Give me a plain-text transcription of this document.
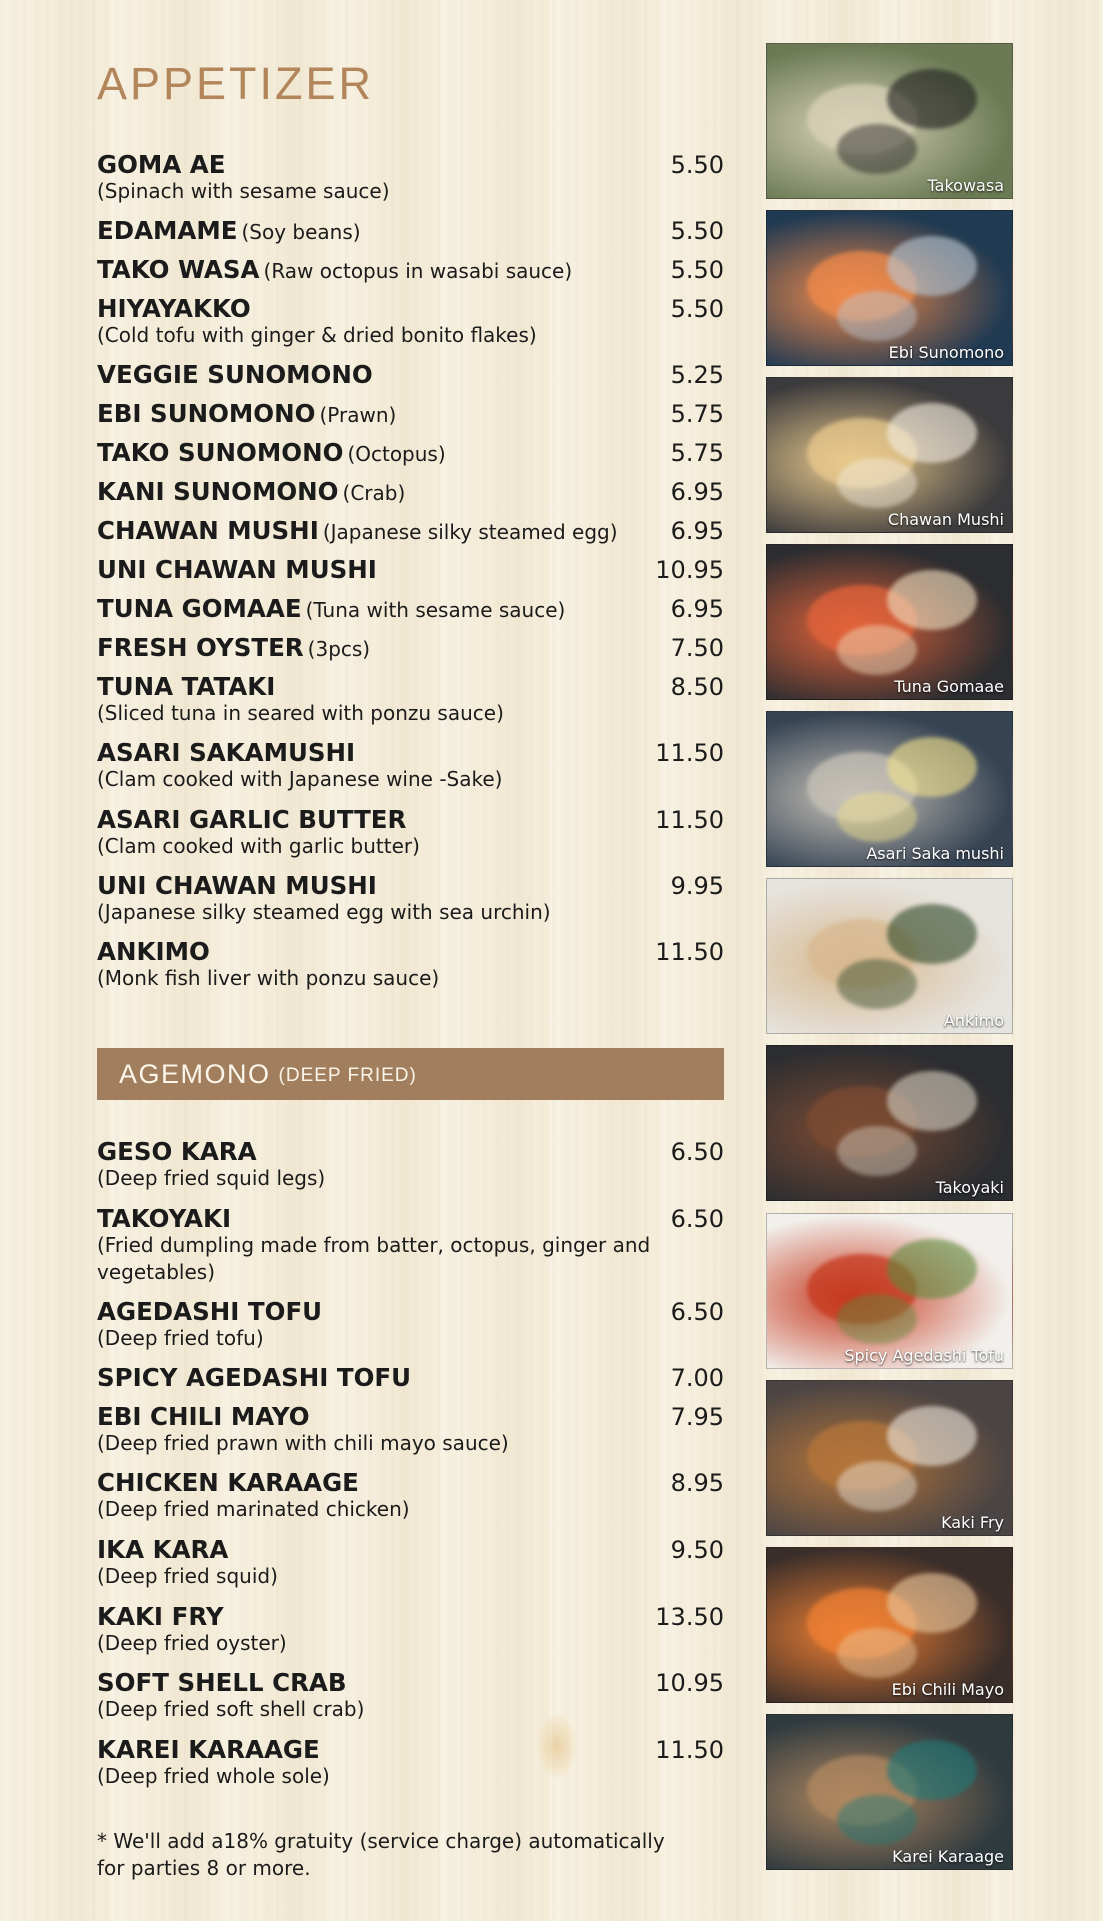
APPETIZER
GOMA AE	5.50
(Spinach with sesame sauce)
EDAMAME (Soy beans)	5.50
TAKO WASA (Raw octopus in wasabi sauce)	5.50
HIYAYAKKO	5.50
(Cold tofu with ginger & dried bonito flakes)
VEGGIE SUNOMONO	5.25
EBI SUNOMONO (Prawn)	5.75
TAKO SUNOMONO (Octopus)	5.75
KANI SUNOMONO (Crab)	6.95
CHAWAN MUSHI (Japanese silky steamed egg) 6.95
UNI CHAWAN MUSHI	10.95
TUNA GOMAAE (Tuna with sesame sauce)	6.95
FRESH OYSTER (3pcs)	7.50
TUNA TATAKI	8.50
(Sliced tuna in seared with ponzu sauce)
ASARI SAKAMUSHI	11.50
(Clam cooked with Japanese wine -Sake)
ASARI GARLIC BUTTER	11.50
(Clam cooked with garlic butter)
UNI CHAWAN MUSHI	9.95
(Japanese silky steamed egg with sea urchin)
ANKIMO	11.50
(Monk fish liver with ponzu sauce)
AGEMONO (DEEP FRIED)
GESO KARA	6.50
(Deep fried squid legs)
TAKOYAKI	6.50
(Fried dumpling made from batter, octopus, ginger and vegetables)
AGEDASHI TOFU	6.50
(Deep fried tofu)
SPICY AGEDASHI TOFU	7.00
EBI CHILI MAYO	7.95
(Deep fried prawn with chili mayo sauce)
CHICKEN KARAAGE	8.95
(Deep fried marinated chicken)
IKA KARA	9.50
(Deep fried squid)
KAKI FRY	13.50
(Deep fried oyster)
SOFT SHELL CRAB	10.95
(Deep fried soft shell crab)
KAREI KARAAGE	11.50
(Deep fried whole sole)
* We'll add a18% gratuity (service charge) automatically for parties 8 or more.
Takowasa
Ebi Sunomono
Chawan Mushi
Tuna Gomaae
Asari Saka mushi
Ankimo
Takoyaki
Spicy Agedashi Tofu
Kaki Fry
Ebi Chili Mayo
Karei Karaage
